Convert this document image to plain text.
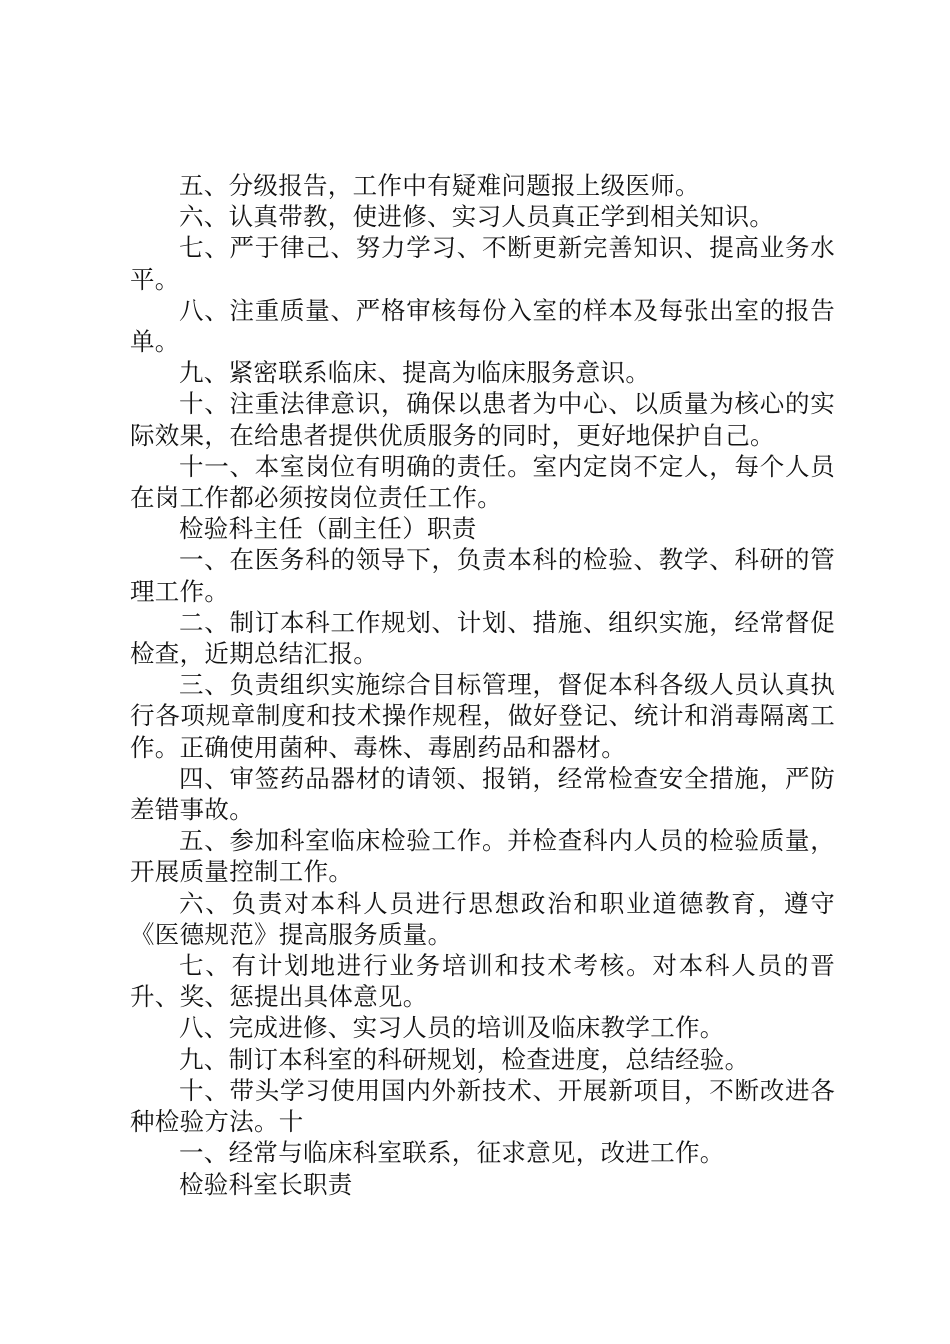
五、分级报告，工作中有疑难问题报上级医师。

六、认真带教，使进修、实习人员真正学到相关知识。

七、严于律己、努力学习、不断更新完善知识、提高业务水平。

八、注重质量、严格审核每份入室的样本及每张出室的报告单。

九、紧密联系临床、提高为临床服务意识。

十、注重法律意识，确保以患者为中心、以质量为核心的实际效果，在给患者提供优质服务的同时，更好地保护自己。

十一、本室岗位有明确的责任。室内定岗不定人，每个人员在岗工作都必须按岗位责任工作。

检验科主任（副主任）职责

一、在医务科的领导下，负责本科的检验、教学、科研的管理工作。

二、制订本科工作规划、计划、措施、组织实施，经常督促检查，近期总结汇报。

三、负责组织实施综合目标管理，督促本科各级人员认真执行各项规章制度和技术操作规程，做好登记、统计和消毒隔离工作。正确使用菌种、毒株、毒剧药品和器材。

四、审签药品器材的请领、报销，经常检查安全措施，严防差错事故。

五、参加科室临床检验工作。并检查科内人员的检验质量，开展质量控制工作。

六、负责对本科人员进行思想政治和职业道德教育，遵守《医德规范》提高服务质量。

七、有计划地进行业务培训和技术考核。对本科人员的晋升、奖、惩提出具体意见。

八、完成进修、实习人员的培训及临床教学工作。

九、制订本科室的科研规划，检查进度，总结经验。

十、带头学习使用国内外新技术、开展新项目，不断改进各种检验方法。十

一、经常与临床科室联系，征求意见，改进工作。

检验科室长职责
